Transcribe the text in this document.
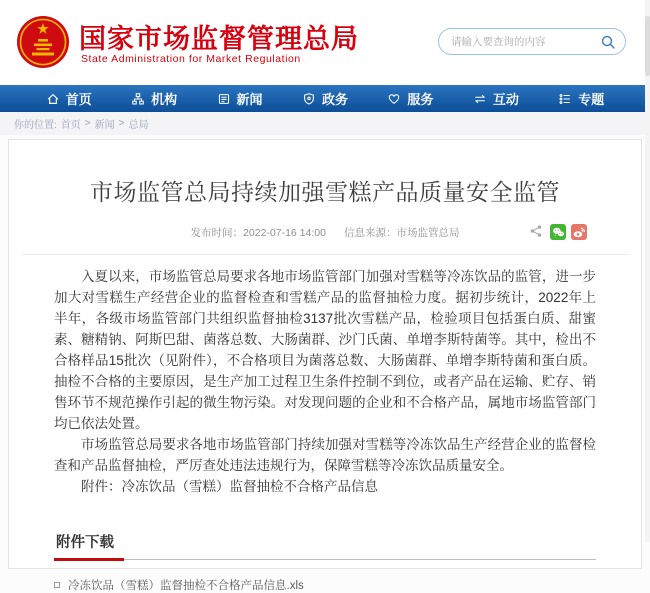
国家市场监督管理总局
State Administration for Market Regulation
请输入要查询的内容
首页	机构	新闻	政务	服务	互动	专题
你的位置: 首页 > 新闻 > 总局
市场监管总局持续加强雪糕产品质量安全监管
发布时间：2022-07-16 14:00 信息来源：市场监管总局

入夏以来，市场监管总局要求各地市场监管部门加强对雪糕等冷冻饮品的监管，进一步加大对雪糕生产经营企业的监督检查和雪糕产品的监督抽检力度。据初步统计，2022年上半年，各级市场监管部门共组织监督抽检3137批次雪糕产品，检验项目包括蛋白质、甜蜜素、糖精钠、阿斯巴甜、菌落总数、大肠菌群、沙门氏菌、单增李斯特菌等。其中，检出不合格样品15批次（见附件），不合格项目为菌落总数、大肠菌群、单增李斯特菌和蛋白质。抽检不合格的主要原因，是生产加工过程卫生条件控制不到位，或者产品在运输、贮存、销售环节不规范操作引起的微生物污染。对发现问题的企业和不合格产品，属地市场监管部门均已依法处置。

市场监管总局要求各地市场监管部门持续加强对雪糕等冷冻饮品生产经营企业的监督检查和产品监督抽检，严厉查处违法违规行为，保障雪糕等冷冻饮品质量安全。

附件：冷冻饮品（雪糕）监督抽检不合格产品信息

附件下载
冷冻饮品（雪糕）监督抽检不合格产品信息.xls
